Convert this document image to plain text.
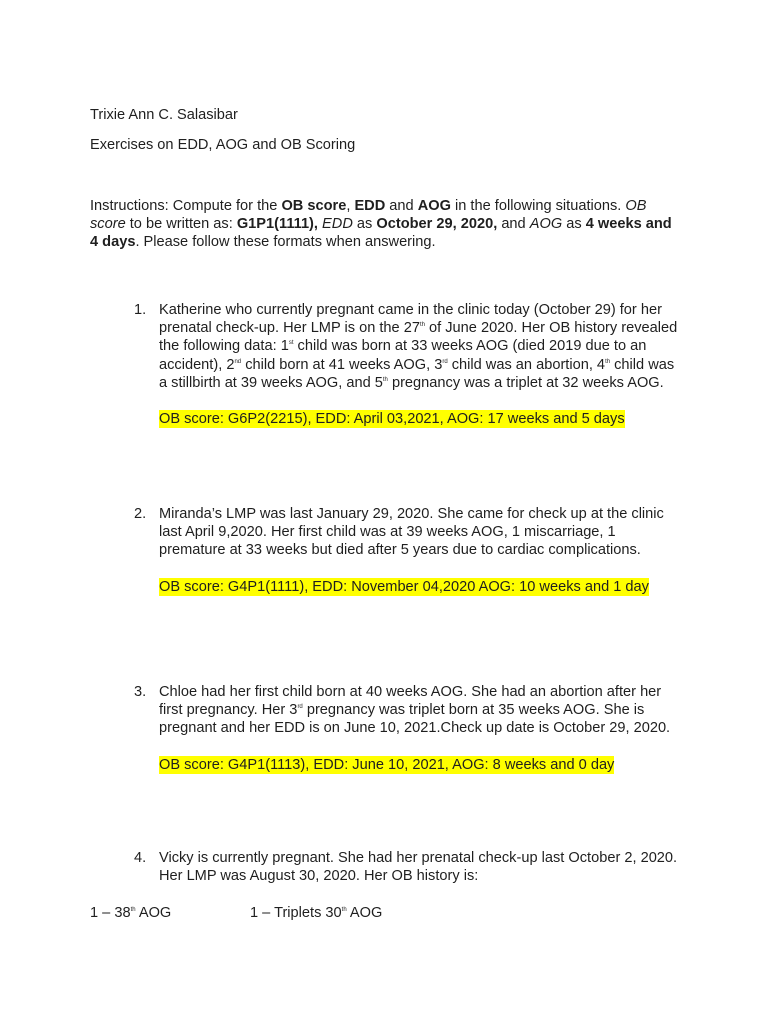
Trixie Ann C. Salasibar
Exercises on EDD, AOG and OB Scoring
Instructions: Compute for the OB score, EDD and AOG in the following situations. OB score to be written as: G1P1(1111), EDD as October 29, 2020, and AOG as 4 weeks and 4 days. Please follow these formats when answering.
1. Katherine who currently pregnant came in the clinic today (October 29) for her prenatal check-up. Her LMP is on the 27th of June 2020. Her OB history revealed the following data: 1st child was born at 33 weeks AOG (died 2019 due to an accident), 2nd child born at 41 weeks AOG, 3rd child was an abortion, 4th child was a stillbirth at 39 weeks AOG, and 5th pregnancy was a triplet at 32 weeks AOG.
OB score: G6P2(2215), EDD: April 03,2021, AOG: 17 weeks and 5 days
2. Miranda’s LMP was last January 29, 2020. She came for check up at the clinic last April 9,2020. Her first child was at 39 weeks AOG, 1 miscarriage, 1 premature at 33 weeks but died after 5 years due to cardiac complications.
OB score: G4P1(1111), EDD: November 04,2020 AOG: 10 weeks and 1 day
3. Chloe had her first child born at 40 weeks AOG. She had an abortion after her first pregnancy. Her 3rd pregnancy was triplet born at 35 weeks AOG. She is pregnant and her EDD is on June 10, 2021.Check up date is October 29, 2020.
OB score: G4P1(1113), EDD: June 10, 2021, AOG: 8 weeks and 0 day
4. Vicky is currently pregnant. She had her prenatal check-up last October 2, 2020. Her LMP was August 30, 2020. Her OB history is:
1 – 38th AOG	1 – Triplets 30th AOG
